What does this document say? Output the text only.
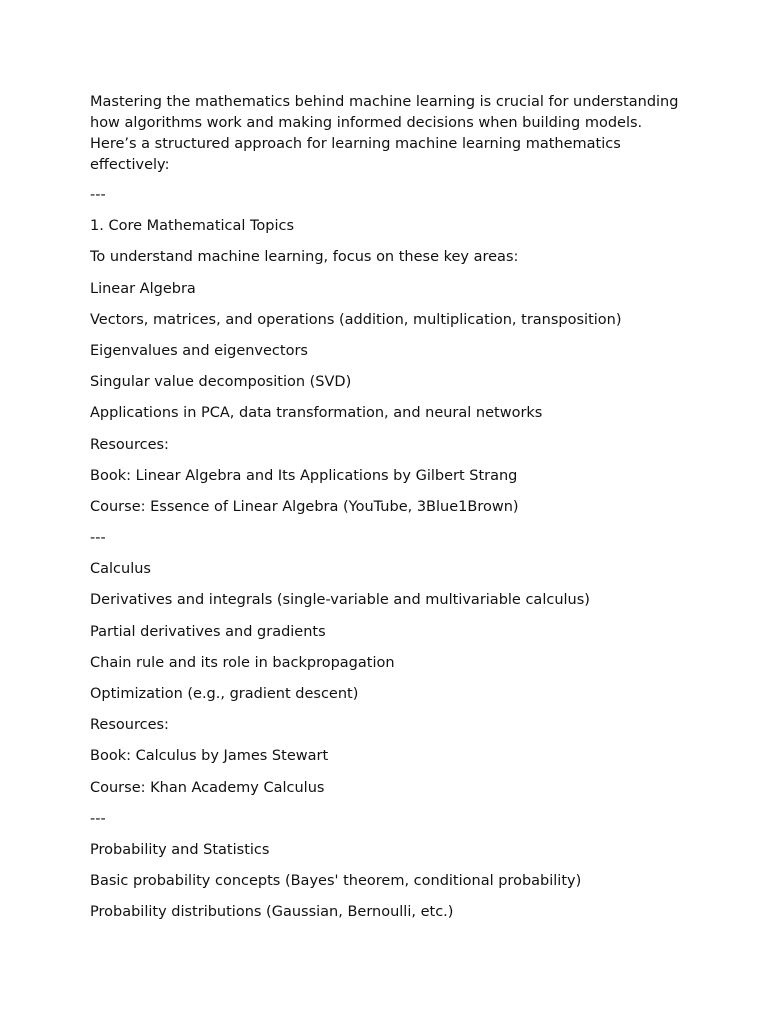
Mastering the mathematics behind machine learning is crucial for understanding how algorithms work and making informed decisions when building models. Here’s a structured approach for learning machine learning mathematics effectively:

---
1. Core Mathematical Topics
To understand machine learning, focus on these key areas:
Linear Algebra
Vectors, matrices, and operations (addition, multiplication, transposition)
Eigenvalues and eigenvectors
Singular value decomposition (SVD)
Applications in PCA, data transformation, and neural networks
Resources:
Book: Linear Algebra and Its Applications by Gilbert Strang
Course: Essence of Linear Algebra (YouTube, 3Blue1Brown)
---
Calculus
Derivatives and integrals (single-variable and multivariable calculus)
Partial derivatives and gradients
Chain rule and its role in backpropagation
Optimization (e.g., gradient descent)
Resources:
Book: Calculus by James Stewart
Course: Khan Academy Calculus
---
Probability and Statistics
Basic probability concepts (Bayes' theorem, conditional probability)
Probability distributions (Gaussian, Bernoulli, etc.)
